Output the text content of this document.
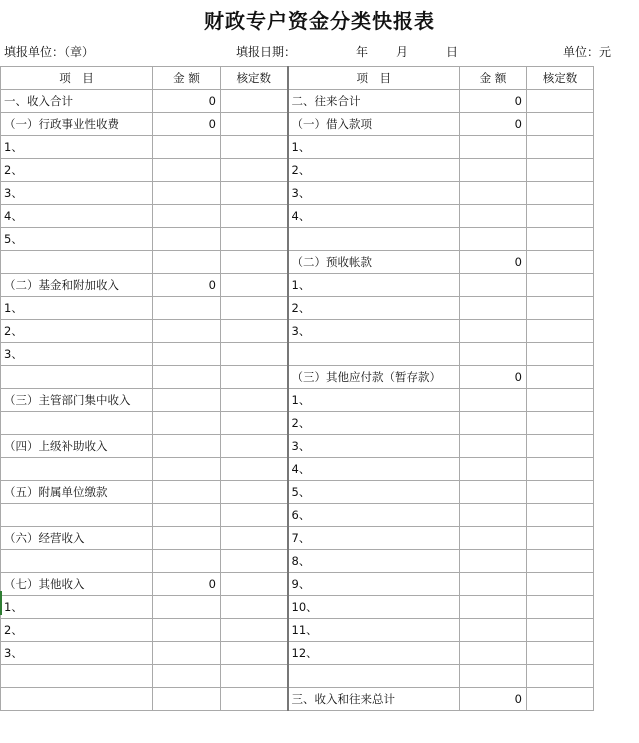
财政专户资金分类快报表
填报单位：（章）	填报日期：	年 月	日	单位：元
项　目	金 额	核定数	项　目	金 额	核定数
一、收入合计	0		二、往来合计	0	
（一）行政事业性收费	0		（一）借入款项	0	
1、			1、		
2、			2、		
3、			3、		
4、			4、		
5、					
			（二）预收帐款	0	
（二）基金和附加收入	0		1、		
1、			2、		
2、			3、		
3、					
			（三）其他应付款（暂存款）	0	
（三）主管部门集中收入			1、		
			2、		
（四）上级补助收入			3、		
			4、		
（五）附属单位缴款			5、		
			6、		
（六）经营收入			7、		
			8、		
（七）其他收入	0		9、		
1、			10、		
2、			11、		
3、			12、		

			三、收入和往来总计	0	
